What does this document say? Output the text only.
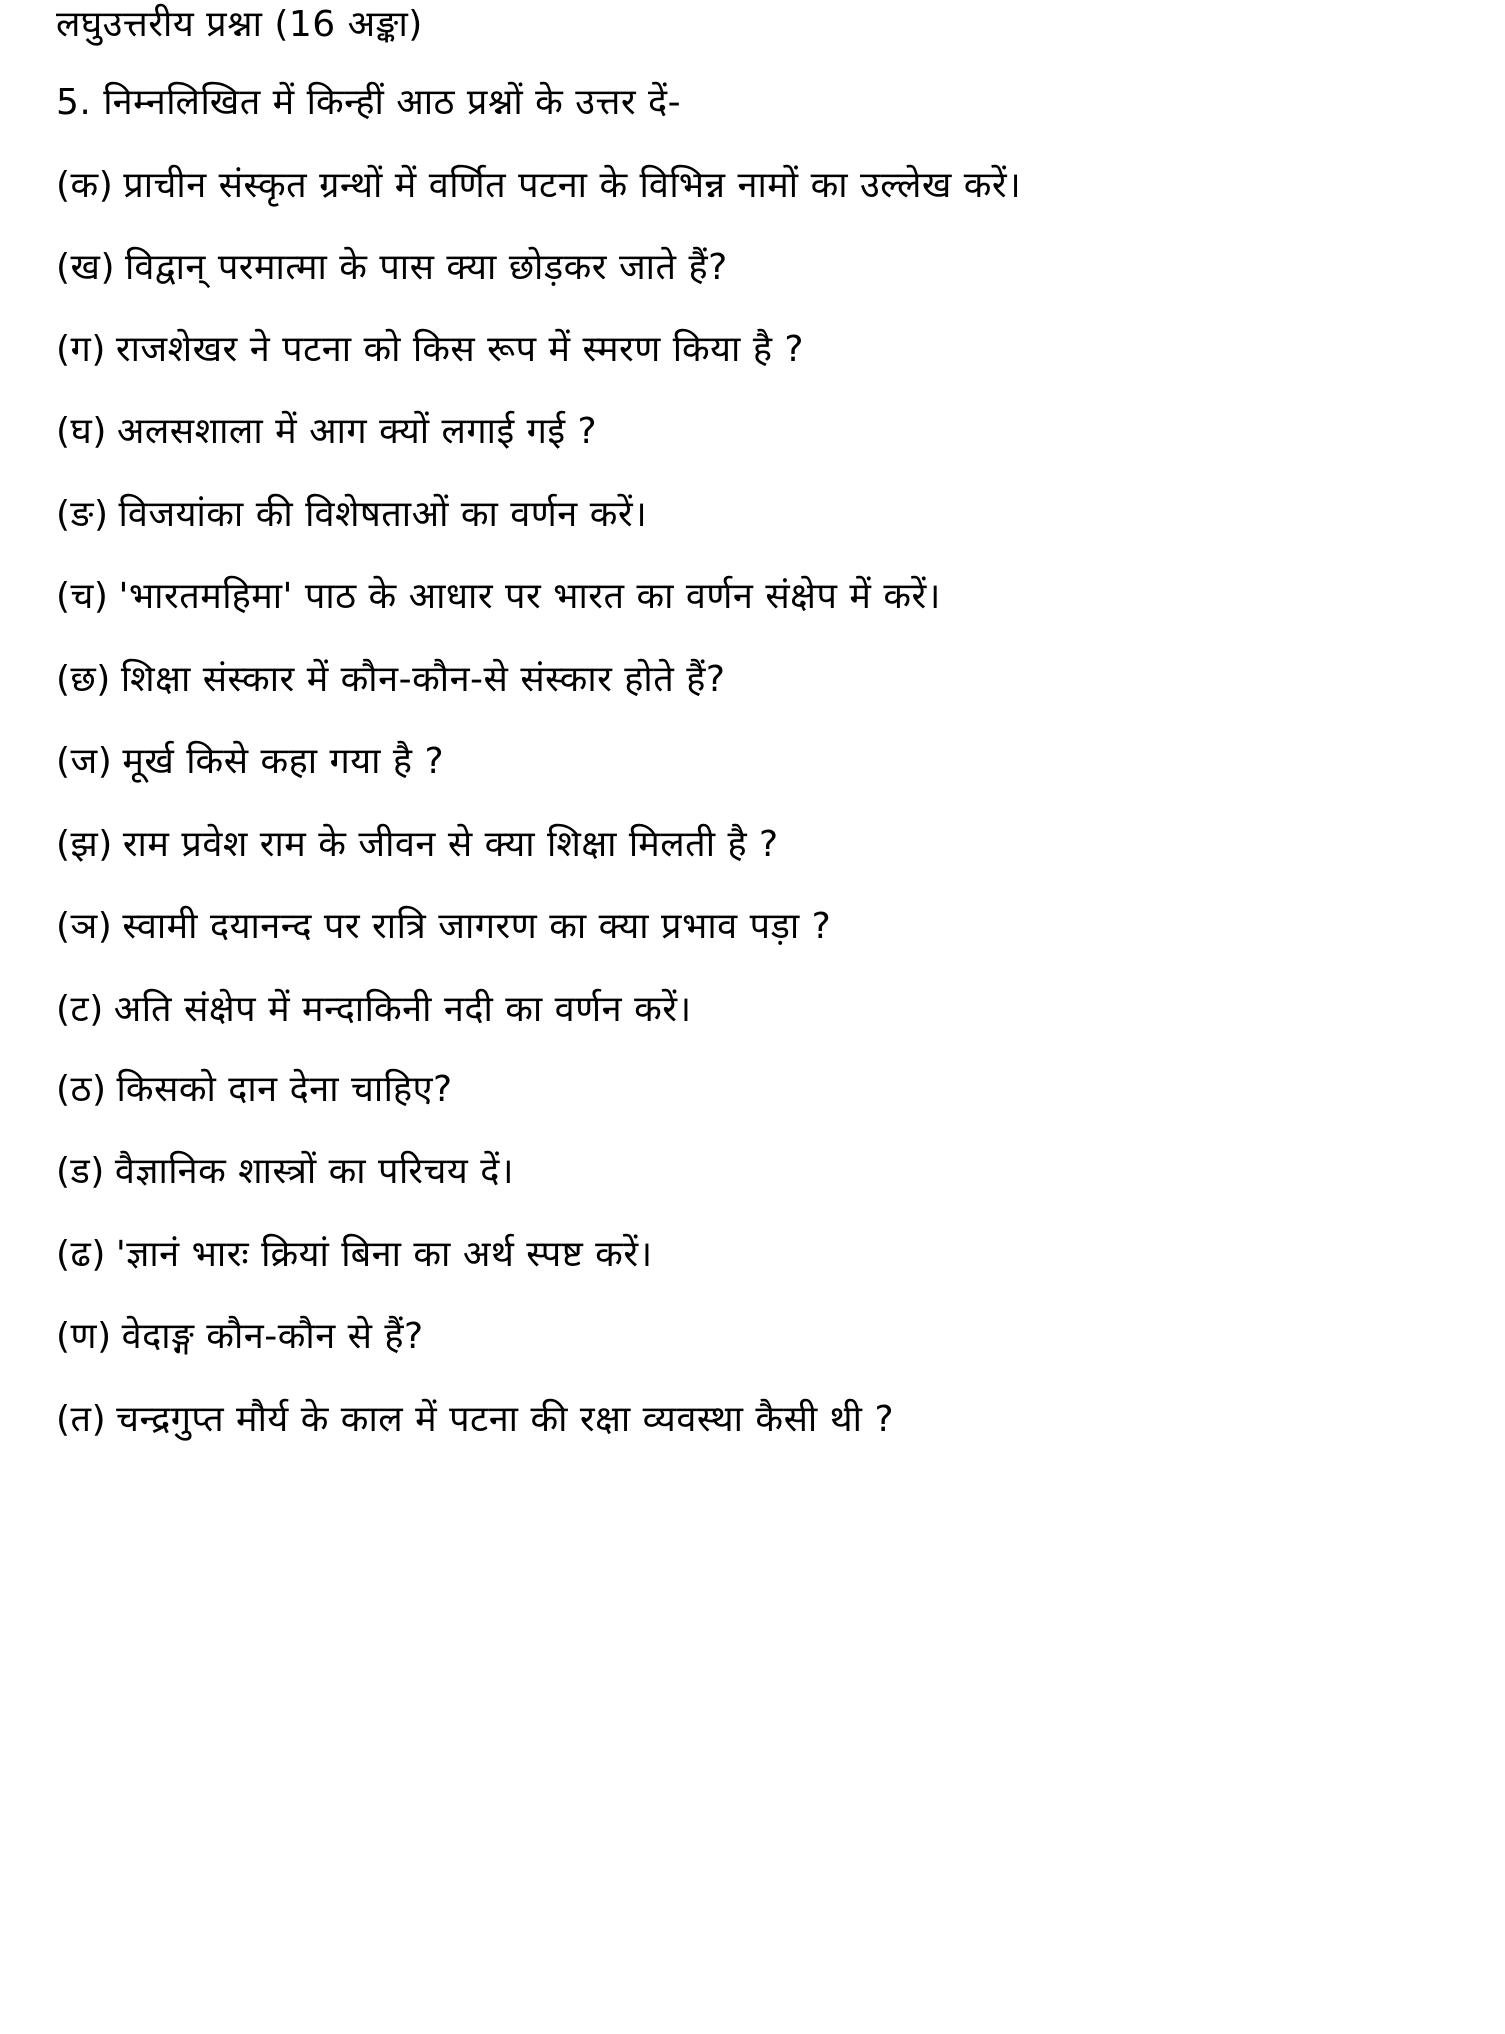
लघुउत्तरीय प्रश्ना (16 अङ्का)
5. निम्नलिखित में किन्हीं आठ प्रश्नों के उत्तर दें-
(क) प्राचीन संस्कृत ग्रन्थों में वर्णित पटना के विभिन्न नामों का उल्लेख करें।
(ख) विद्वान् परमात्मा के पास क्या छोड़कर जाते हैं?
(ग) राजशेखर ने पटना को किस रूप में स्मरण किया है ?
(घ) अलसशाला में आग क्यों लगाई गई ?
(ङ) विजयांका की विशेषताओं का वर्णन करें।
(च) 'भारतमहिमा' पाठ के आधार पर भारत का वर्णन संक्षेप में करें।
(छ) शिक्षा संस्कार में कौन-कौन-से संस्कार होते हैं?
(ज) मूर्ख किसे कहा गया है ?
(झ) राम प्रवेश राम के जीवन से क्या शिक्षा मिलती है ?
(ञ) स्वामी दयानन्द पर रात्रि जागरण का क्या प्रभाव पड़ा ?
(ट) अति संक्षेप में मन्दाकिनी नदी का वर्णन करें।
(ठ) किसको दान देना चाहिए?
(ड) वैज्ञानिक शास्त्रों का परिचय दें।
(ढ) 'ज्ञानं भारः क्रियां बिना का अर्थ स्पष्ट करें।
(ण) वेदाङ्ग कौन-कौन से हैं?
(त) चन्द्रगुप्त मौर्य के काल में पटना की रक्षा व्यवस्था कैसी थी ?
